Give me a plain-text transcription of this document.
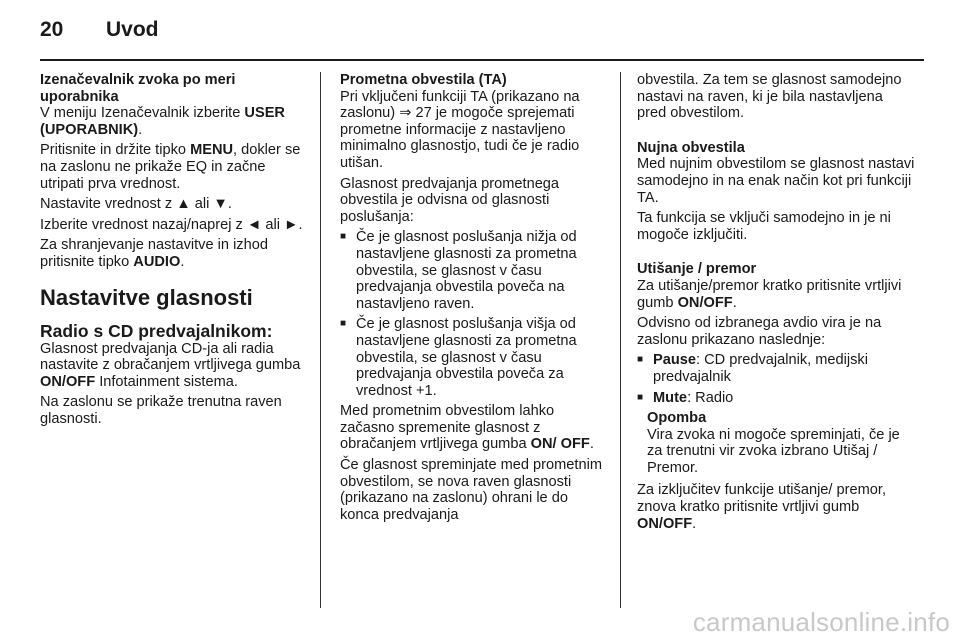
20 Uvod

Izenačevalnik zvoka po meri uporabnika

V meniju Izenačevalnik izberite USER (UPORABNIK).

Pritisnite in držite tipko MENU, dokler se na zaslonu ne prikaže EQ in začne utripati prva vrednost.

Nastavite vrednost z ▲ ali ▼.

Izberite vrednost nazaj/naprej z ◄ ali ►.

Za shranjevanje nastavitve in izhod pritisnite tipko AUDIO.

Nastavitve glasnosti

Radio s CD predvajalnikom:

Glasnost predvajanja CD-ja ali radia nastavite z obračanjem vrtljivega gumba ON/OFF Infotainment sistema.

Na zaslonu se prikaže trenutna raven glasnosti.

Prometna obvestila (TA)

Pri vključeni funkciji TA (prikazano na zaslonu) ⇒ 27 je mogoče sprejemati prometne informacije z nastavljeno minimalno glasnostjo, tudi če je radio utišan.

Glasnost predvajanja prometnega obvestila je odvisna od glasnosti poslušanja:

■ Če je glasnost poslušanja nižja od nastavljene glasnosti za prometna obvestila, se glasnost v času predvajanja obvestila poveča na nastavljeno raven.
■ Če je glasnost poslušanja višja od nastavljene glasnosti za prometna obvestila, se glasnost v času predvajanja obvestila poveča za vrednost +1.

Med prometnim obvestilom lahko začasno spremenite glasnost z obračanjem vrtljivega gumba ON/ OFF.

Če glasnost spreminjate med prometnim obvestilom, se nova raven glasnosti (prikazano na zaslonu) ohrani le do konca predvajanja

obvestila. Za tem se glasnost samodejno nastavi na raven, ki je bila nastavljena pred obvestilom.

Nujna obvestila

Med nujnim obvestilom se glasnost nastavi samodejno in na enak način kot pri funkciji TA.

Ta funkcija se vključi samodejno in je ni mogoče izključiti.

Utišanje / premor

Za utišanje/premor kratko pritisnite vrtljivi gumb ON/OFF.

Odvisno od izbranega avdio vira je na zaslonu prikazano naslednje:

■ Pause: CD predvajalnik, medijski predvajalnik
■ Mute: Radio

Opomba

Vira zvoka ni mogoče spreminjati, če je za trenutni vir zvoka izbrano Utišaj / Premor.

Za izključitev funkcije utišanje/ premor, znova kratko pritisnite vrtljivi gumb ON/OFF.

carmanualsonline.info
